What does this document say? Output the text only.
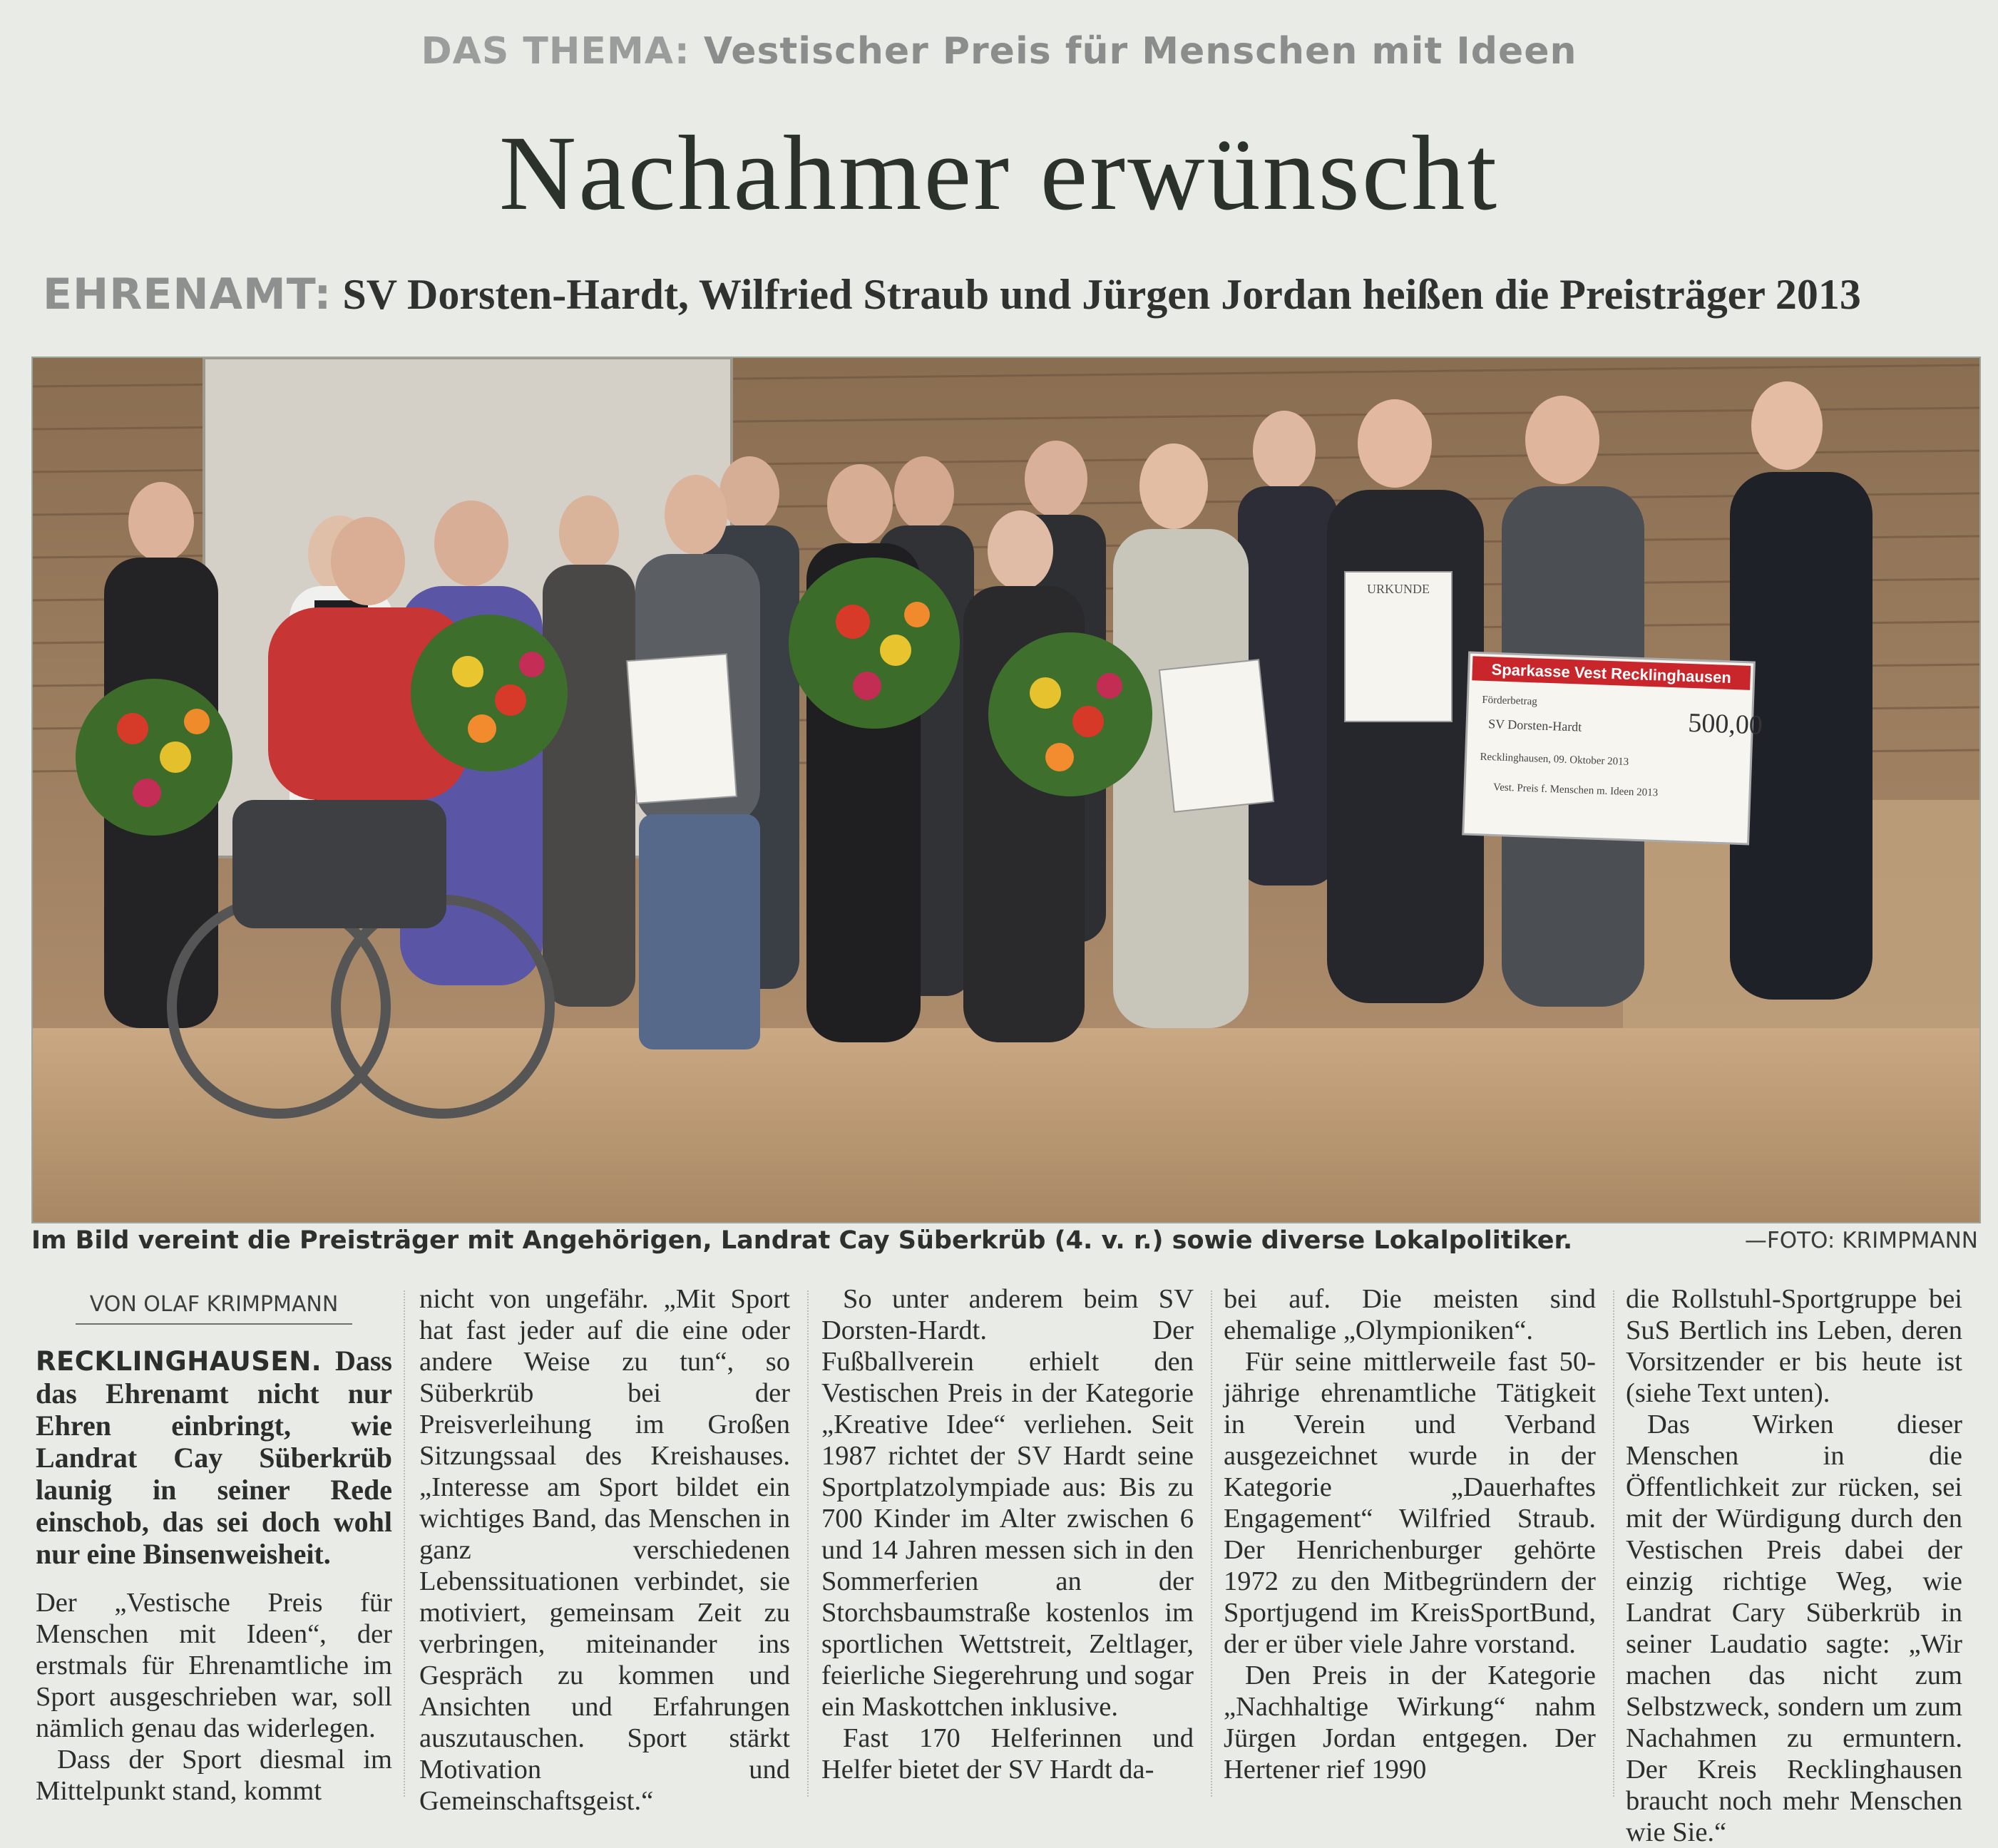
DAS THEMA: Vestischer Preis für Menschen mit Ideen
Nachahmer erwünscht
EHRENAMT: SV Dorsten-Hardt, Wilfried Straub und Jürgen Jordan heißen die Preisträger 2013
URKUNDE
Sparkasse Vest Recklinghausen
Förderbetrag
SV Dorsten-Hardt	500,00
Recklinghausen, 09. Oktober 2013
Vest. Preis f. Menschen m. Ideen 2013
Im Bild vereint die Preisträger mit Angehörigen, Landrat Cay Süberkrüb (4. v. r.) sowie diverse Lokalpolitiker.	—FOTO: KRIMPMANN
VON OLAF KRIMPMANN

RECKLINGHAUSEN. Dass das Ehrenamt nicht nur Ehren einbringt, wie Landrat Cay Süberkrüb launig in seiner Rede einschob, das sei doch wohl nur eine Binsenweisheit.

Der „Vestische Preis für Menschen mit Ideen“, der erstmals für Ehrenamtliche im Sport ausgeschrieben war, soll nämlich genau das widerlegen.

Dass der Sport diesmal im Mittelpunkt stand, kommt

nicht von ungefähr. „Mit Sport hat fast jeder auf die eine oder andere Weise zu tun“, so Süberkrüb bei der Preisverleihung im Großen Sitzungssaal des Kreishauses. „Interesse am Sport bildet ein wichtiges Band, das Menschen in ganz verschiedenen Lebenssituationen verbindet, sie motiviert, gemeinsam Zeit zu verbringen, miteinander ins Gespräch zu kommen und Ansichten und Erfahrungen auszutauschen. Sport stärkt Motivation und Gemeinschaftsgeist.“

So unter anderem beim SV Dorsten-Hardt. Der Fußballverein erhielt den Vestischen Preis in der Kategorie „Kreative Idee“ verliehen. Seit 1987 richtet der SV Hardt seine Sportplatzolympiade aus: Bis zu 700 Kinder im Alter zwischen 6 und 14 Jahren messen sich in den Sommerferien an der Storchsbaumstraße kostenlos im sportlichen Wettstreit, Zeltlager, feierliche Siegerehrung und sogar ein Maskottchen inklusive.

Fast 170 Helferinnen und Helfer bietet der SV Hardt da-

bei auf. Die meisten sind ehemalige „Olympioniken“.

Für seine mittlerweile fast 50-jährige ehrenamtliche Tätigkeit in Verein und Verband ausgezeichnet wurde in der Kategorie „Dauerhaftes Engagement“ Wilfried Straub. Der Henrichenburger gehörte 1972 zu den Mitbegründern der Sportjugend im KreisSportBund, der er über viele Jahre vorstand.

Den Preis in der Kategorie „Nachhaltige Wirkung“ nahm Jürgen Jordan entgegen. Der Hertener rief 1990

die Rollstuhl-Sportgruppe bei SuS Bertlich ins Leben, deren Vorsitzender er bis heute ist (siehe Text unten).

Das Wirken dieser Menschen in die Öffentlichkeit zur rücken, sei mit der Würdigung durch den Vestischen Preis dabei der einzig richtige Weg, wie Landrat Cary Süberkrüb in seiner Laudatio sagte: „Wir machen das nicht zum Selbstzweck, sondern um zum Nachahmen zu ermuntern. Der Kreis Recklinghausen braucht noch mehr Menschen wie Sie.“
